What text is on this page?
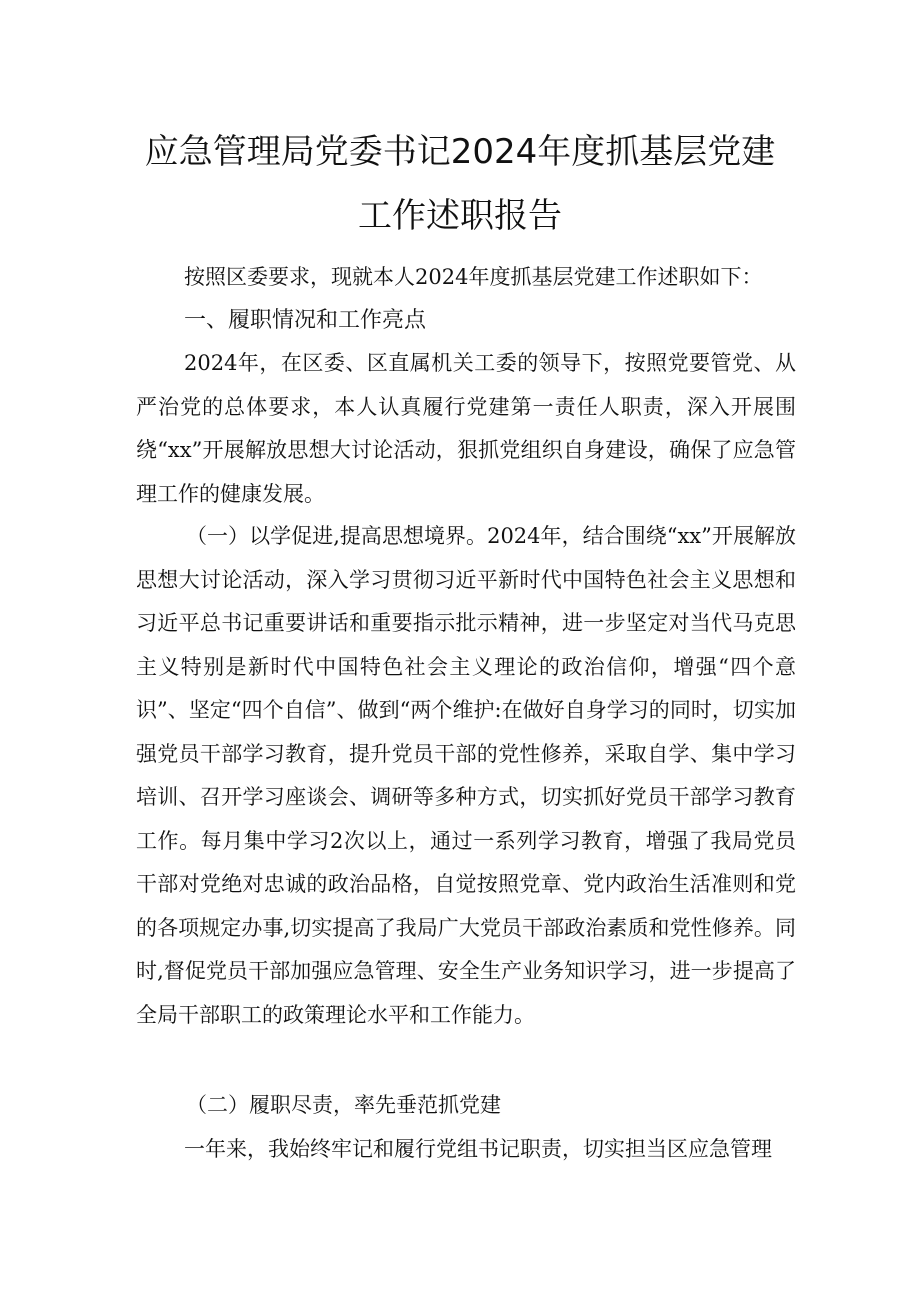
应急管理局党委书记2024年度抓基层党建
工作述职报告

按照区委要求，现就本人2024年度抓基层党建工作述职如下：

一、履职情况和工作亮点

2024年，在区委、区直属机关工委的领导下，按照党要管党、从严治党的总体要求，本人认真履行党建第一责任人职责，深入开展围绕“xx”开展解放思想大讨论活动，狠抓党组织自身建设，确保了应急管理工作的健康发展。

（一）以学促进,提高思想境界。2024年，结合围绕“xx”开展解放思想大讨论活动，深入学习贯彻习近平新时代中国特色社会主义思想和习近平总书记重要讲话和重要指示批示精神，进一步坚定对当代马克思主义特别是新时代中国特色社会主义理论的政治信仰，增强“四个意识”、坚定“四个自信”、做到“两个维护:在做好自身学习的同时，切实加强党员干部学习教育，提升党员干部的党性修养，采取自学、集中学习培训、召开学习座谈会、调研等多种方式，切实抓好党员干部学习教育工作。每月集中学习2次以上，通过一系列学习教育，增强了我局党员干部对党绝对忠诚的政治品格，自觉按照党章、党内政治生活准则和党的各项规定办事,切实提高了我局广大党员干部政治素质和党性修养。同时,督促党员干部加强应急管理、安全生产业务知识学习，进一步提高了全局干部职工的政策理论水平和工作能力。

（二）履职尽责，率先垂范抓党建

一年来，我始终牢记和履行党组书记职责，切实担当区应急管理
